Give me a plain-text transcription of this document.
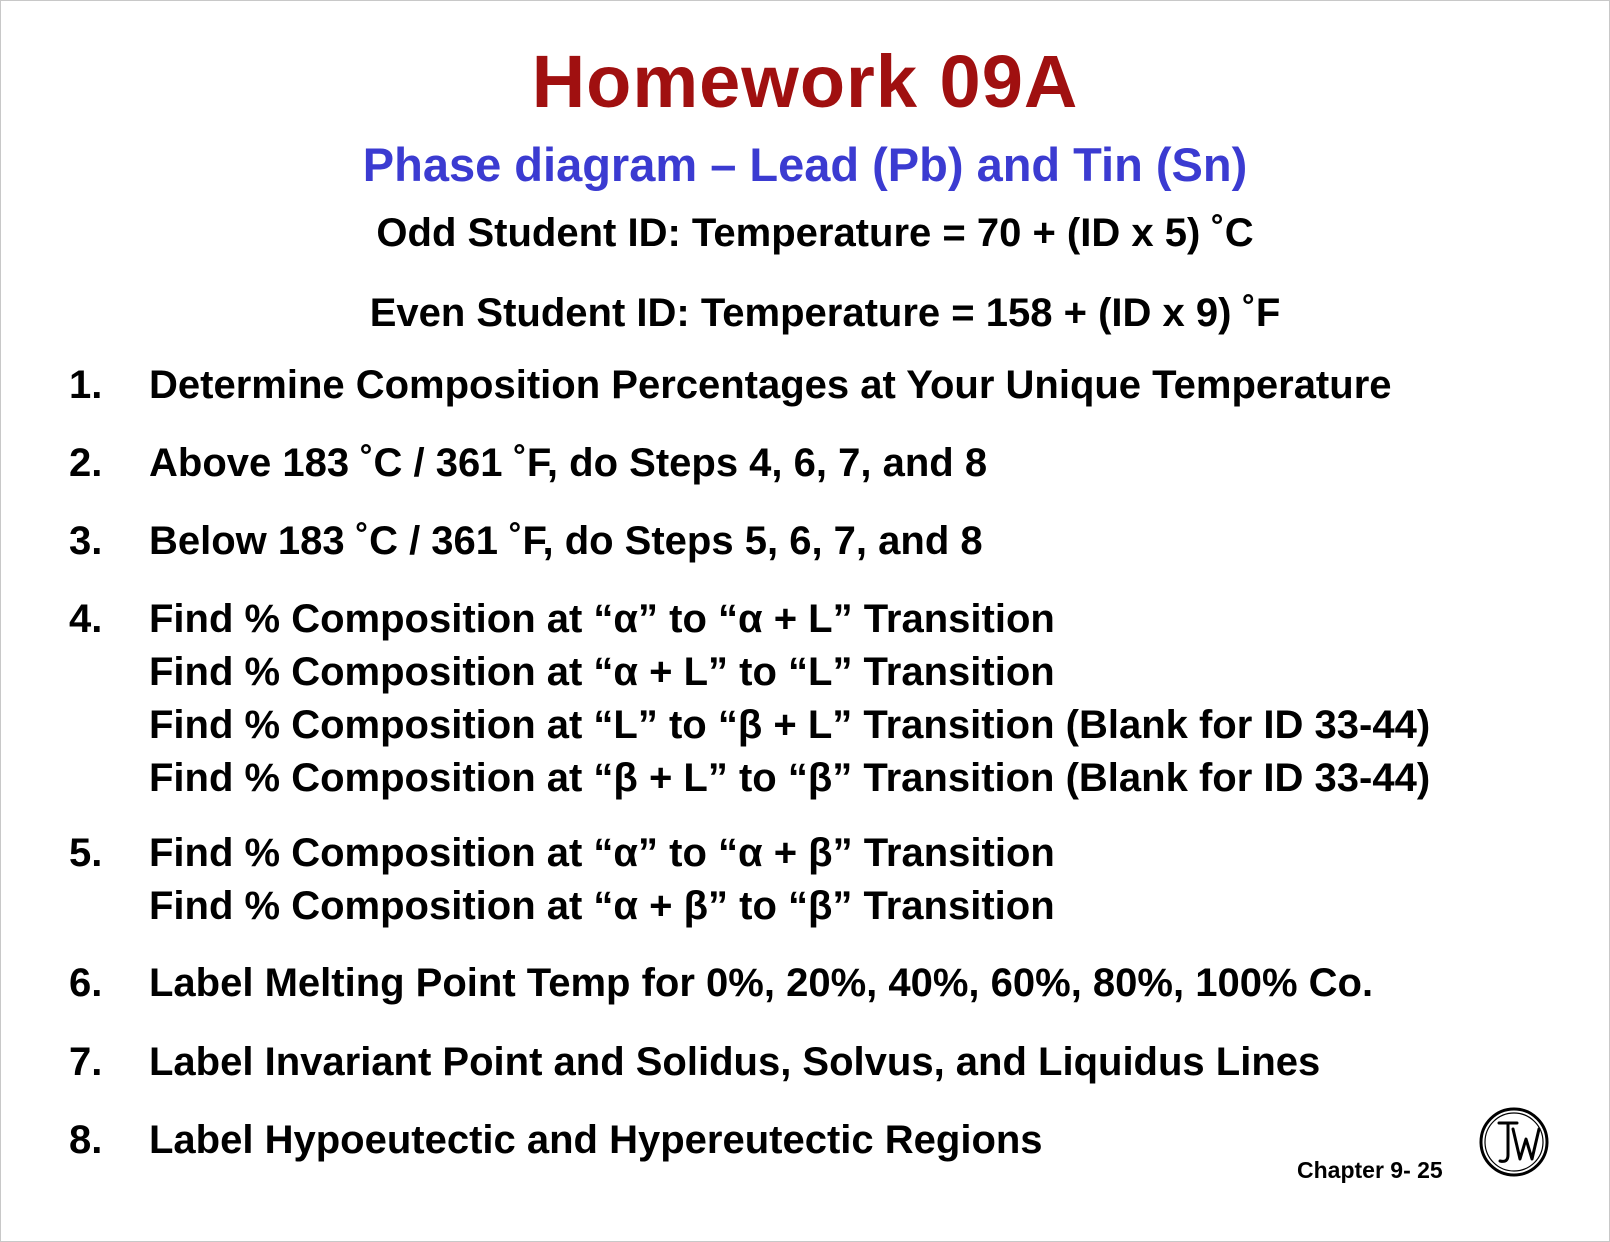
Homework 09A
Phase diagram – Lead (Pb) and Tin (Sn)
Odd Student ID: Temperature = 70 + (ID x 5) ˚C
Even Student ID: Temperature = 158 + (ID x 9) ˚F
1. Determine Composition Percentages at Your Unique Temperature
2. Above 183 ˚C / 361 ˚F, do Steps 4, 6, 7, and 8
3. Below 183 ˚C / 361 ˚F, do Steps 5, 6, 7, and 8
4. Find % Composition at “α” to “α + L” Transition
Find % Composition at “α + L” to “L” Transition
Find % Composition at “L” to “β + L” Transition (Blank for ID 33-44)
Find % Composition at “β + L” to “β” Transition (Blank for ID 33-44)
5. Find % Composition at “α” to “α + β” Transition
Find % Composition at “α + β” to “β” Transition
6. Label Melting Point Temp for 0%, 20%, 40%, 60%, 80%, 100% Co.
7. Label Invariant Point and Solidus, Solvus, and Liquidus Lines
8. Label Hypoeutectic and Hypereutectic Regions
Chapter 9- 25
